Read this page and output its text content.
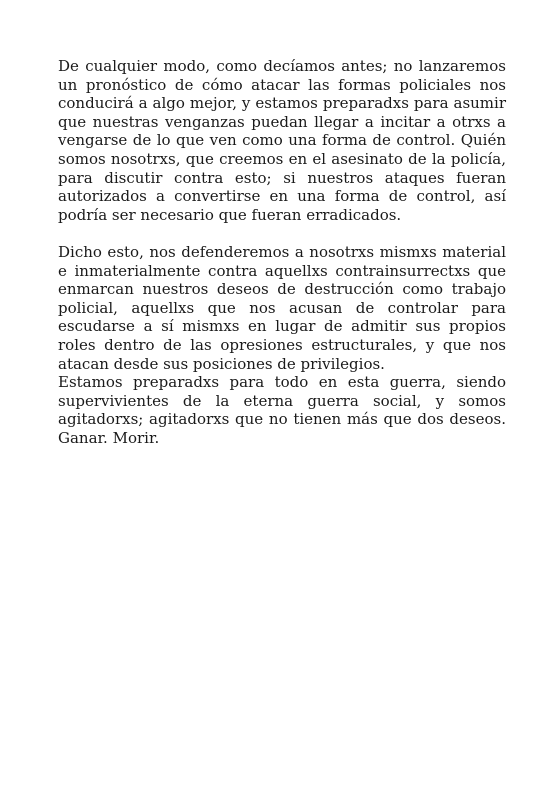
De cualquier modo, como decíamos antes; no lanzaremos un pronóstico de cómo atacar las formas policiales nos conducirá a algo mejor, y estamos preparadxs para asumir que nuestras venganzas puedan llegar a incitar a otrxs a vengarse de lo que ven como una forma de control. Quién somos nosotrxs, que creemos en el asesinato de la policía, para discutir contra esto; si nuestros ataques fueran autorizados a convertirse en una forma de control, así podría ser necesario que fueran erradicados.

Dicho esto, nos defenderemos a nosotrxs mismxs material e inmaterialmente contra aquellxs contrainsurrectxs que enmarcan nuestros deseos de destrucción como trabajo policial, aquellxs que nos acusan de controlar para escudarse a sí mismxs en lugar de admitir sus propios roles dentro de las opresiones estructurales, y que nos atacan desde sus posiciones de privilegios.

Estamos preparadxs para todo en esta guerra, siendo supervivientes de la eterna guerra social, y somos agitadorxs; agitadorxs que no tienen más que dos deseos. Ganar. Morir.
